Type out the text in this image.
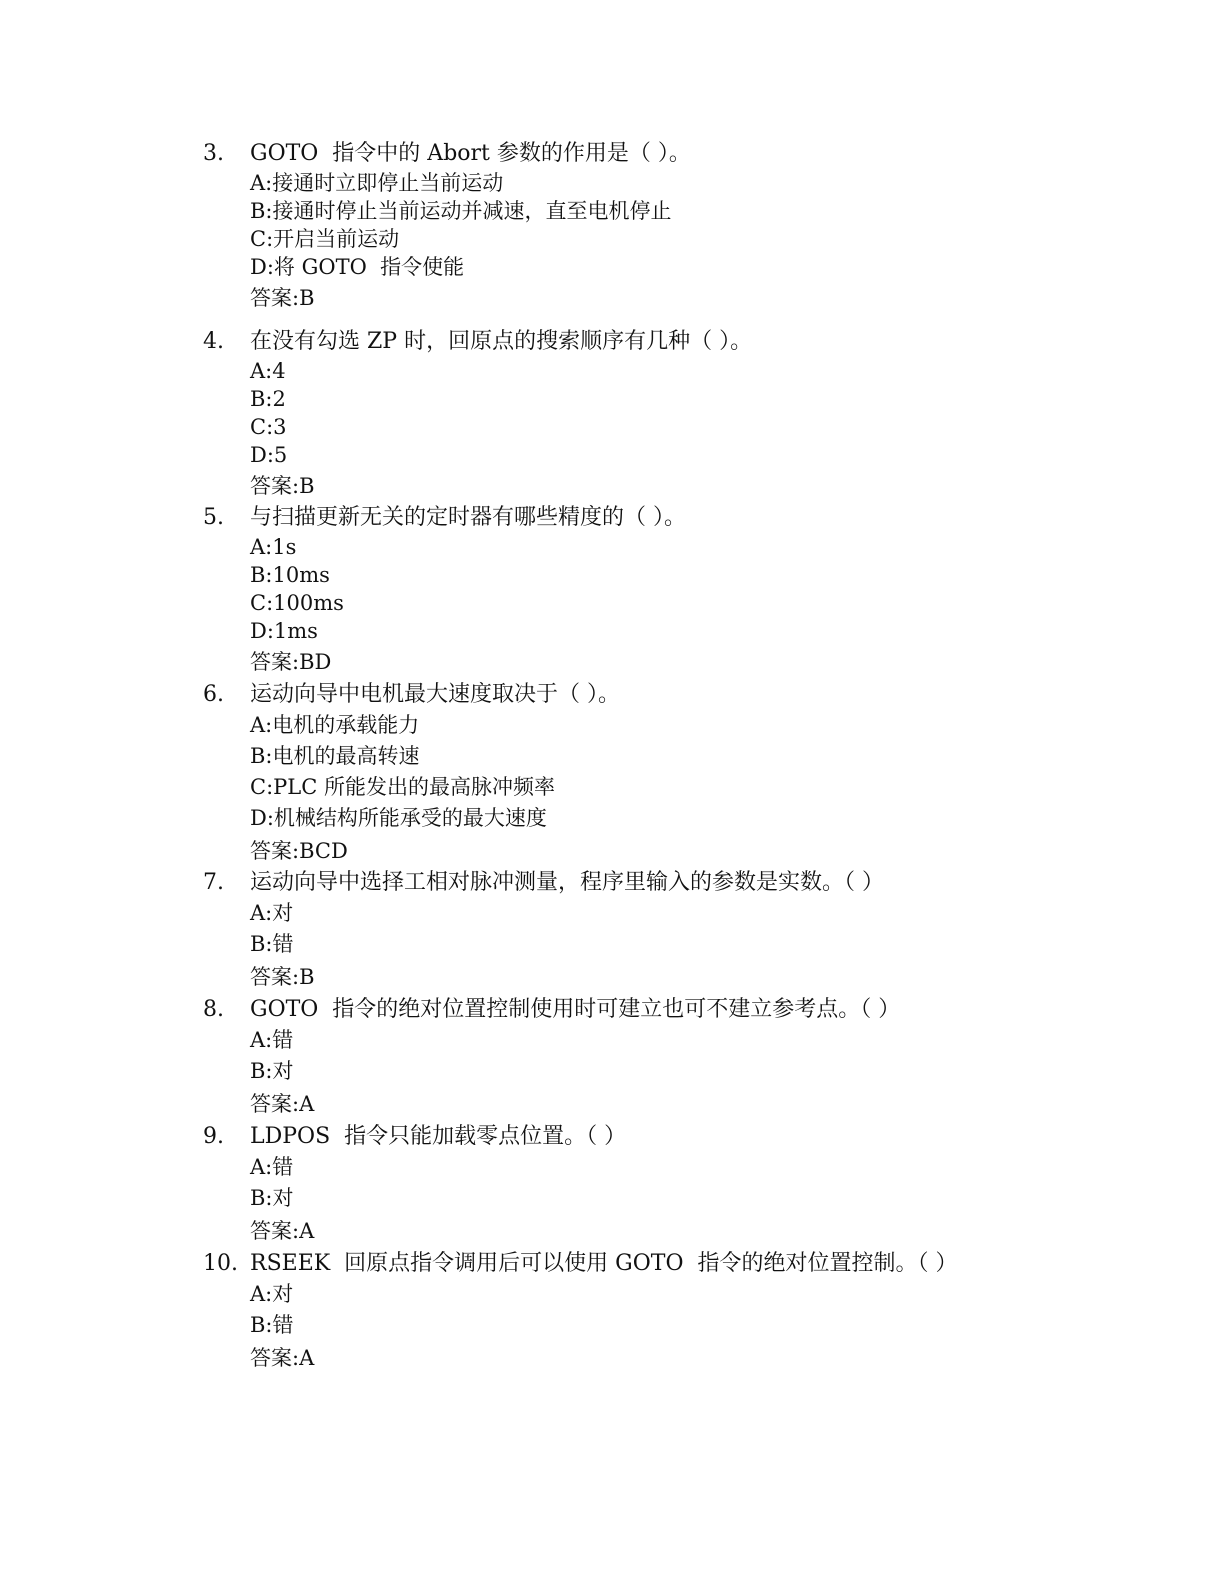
3.	GOTO  指令中的 Abort 参数的作用是（ ）。
A:接通时立即停止当前运动
B:接通时停止当前运动并减速，直至电机停止
C:开启当前运动
D:将 GOTO  指令使能
答案:B
4.	在没有勾选 ZP 时，回原点的搜索顺序有几种（ ）。
A:4
B:2
C:3
D:5
答案:B
5.	与扫描更新无关的定时器有哪些精度的（ ）。
A:1s
B:10ms
C:100ms
D:1ms
答案:BD
6.	运动向导中电机最大速度取决于（ ）。
A:电机的承载能力
B:电机的最高转速
C:PLC 所能发出的最高脉冲频率
D:机械结构所能承受的最大速度
答案:BCD
7.	运动向导中选择工相对脉冲测量，程序里输入的参数是实数。（ ）
A:对
B:错
答案:B
8.	GOTO  指令的绝对位置控制使用时可建立也可不建立参考点。（ ）
A:错
B:对
答案:A
9.	LDPOS  指令只能加载零点位置。（ ）
A:错
B:对
答案:A
10. RSEEK  回原点指令调用后可以使用 GOTO  指令的绝对位置控制。（ ）
A:对
B:错
答案:A
